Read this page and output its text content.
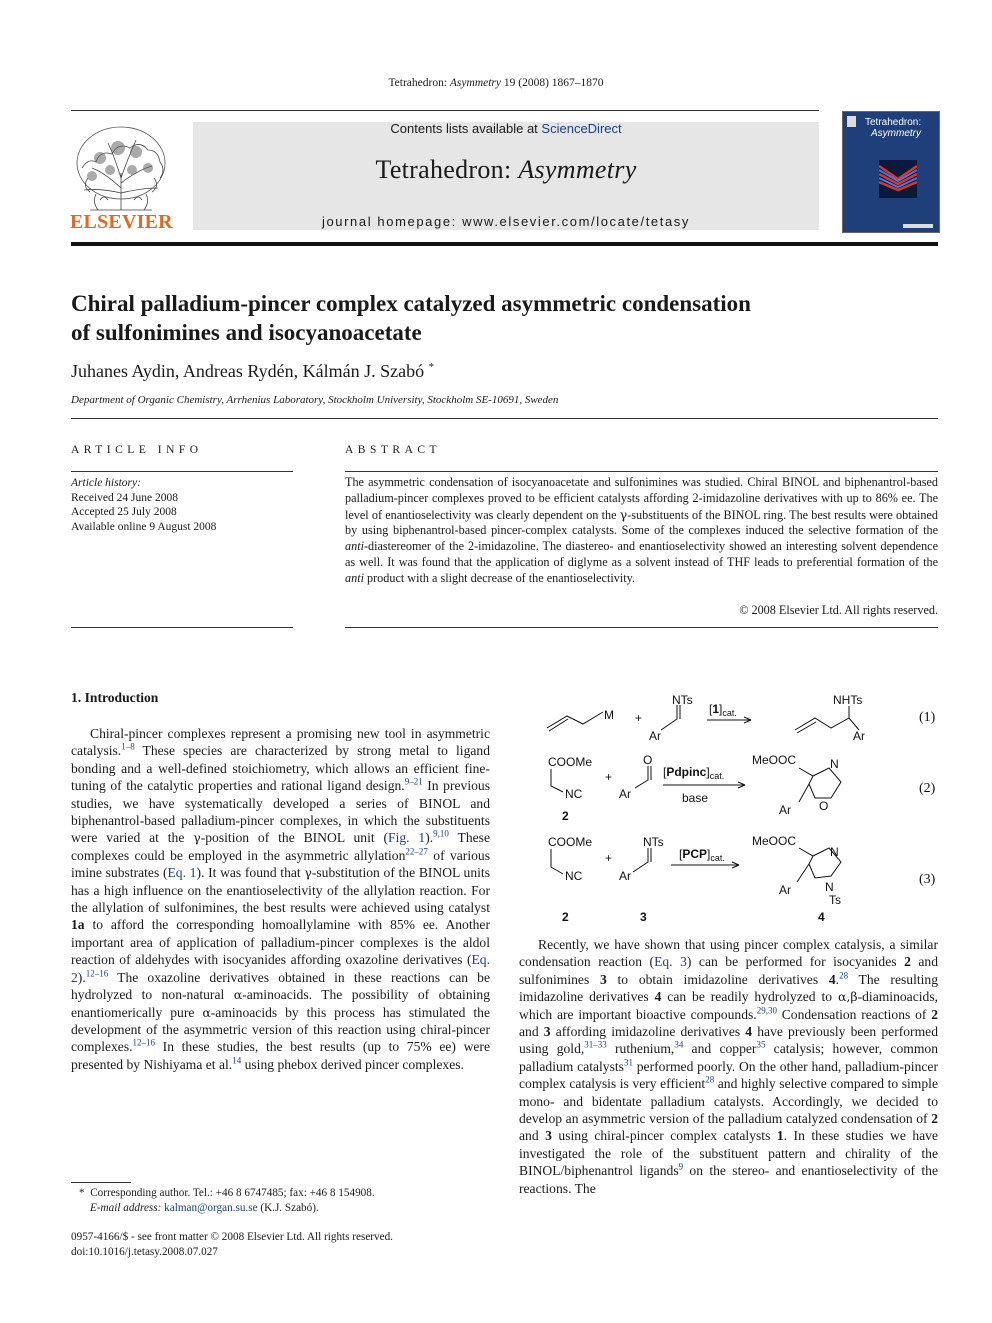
Tetrahedron: Asymmetry 19 (2008) 1867–1870
ELSEVIER
Contents lists available at ScienceDirect
Tetrahedron: Asymmetry
journal homepage: www.elsevier.com/locate/tetasy
Tetrahedron:
Asymmetry
Chiral palladium-pincer complex catalyzed asymmetric condensation
of sulfonimines and isocyanoacetate
Juhanes Aydin, Andreas Rydén, Kálmán J. Szabó *
Department of Organic Chemistry, Arrhenius Laboratory, Stockholm University, Stockholm SE-10691, Sweden
ARTICLE INFO
Article history:
Received 24 June 2008
Accepted 25 July 2008
Available online 9 August 2008
ABSTRACT
The asymmetric condensation of isocyanoacetate and sulfonimines was studied. Chiral BINOL and biphenantrol-based palladium-pincer complexes proved to be efficient catalysts affording 2-imidazoline derivatives with up to 86% ee. The level of enantioselectivity was clearly dependent on the γ-substituents of the BINOL ring. The best results were obtained by using biphenantrol-based pincer-complex catalysts. Some of the complexes induced the selective formation of the anti-diastereomer of the 2-imidazoline. The diastereo- and enantioselectivity showed an interesting solvent dependence as well. It was found that the application of diglyme as a solvent instead of THF leads to preferential formation of the anti product with a slight decrease of the enantioselectivity.
© 2008 Elsevier Ltd. All rights reserved.
1. Introduction

Chiral-pincer complexes represent a promising new tool in asymmetric catalysis.$^{1-8}$ These species are characterized by strong metal to ligand bonding and a well-defined stoichiometry, which allows an efficient fine-tuning of the catalytic properties and rational ligand design.$^{9-21}$ In previous studies, we have systematically developed a series of BINOL and biphenantrol-based palladium-pincer complexes, in which the substituents were varied at the γ-position of the BINOL unit (Fig. 1).$^{9,10}$ These complexes could be employed in the asymmetric allylation$^{22-27}$ of various imine substrates (Eq. 1). It was found that γ-substitution of the BINOL units has a high influence on the enantioselectivity of the allylation reaction. For the allylation of sulfonimines, the best results were achieved using catalyst 1a to afford the corresponding homoallylamine with 85% ee. Another important area of application of palladium-pincer complexes is the aldol reaction of aldehydes with isocyanides affording oxazoline derivatives (Eq. 2).$^{12-16}$ The oxazoline derivatives obtained in these reactions can be hydrolyzed to non-natural α-aminoacids. The possibility of obtaining enantiomerically pure α-aminoacids by this process has stimulated the development of the asymmetric version of this reaction using chiral-pincer complexes.$^{12-16}$ In these studies, the best results (up to 75% ee) were presented by Nishiyama et al.$^{14}$ using phebox derived pincer complexes.

M +
NTs
Ar
$[1]_{cat.}$
NHTs
Ar
(1)
COOMe
NC
2
+
O
Ar
$[Pdpinc]_{cat.}$
base
MeOOC	N
O
Ar
(2)
COOMe
NC
2
+
NTs
Ar
3
$[PCP]_{cat.}$
MeOOC
N
N
Ts
Ar
4
(3)

Recently, we have shown that using pincer complex catalysis, a similar condensation reaction (Eq. 3) can be performed for isocyanides 2 and sulfonimines 3 to obtain imidazoline derivatives 4.28 The resulting imidazoline derivatives 4 can be readily hydrolyzed to α,β-diaminoacids, which are important bioactive compounds.$^{29,30}$ Condensation reactions of 2 and 3 affording imidazoline derivatives 4 have previously been performed using gold,$^{31-33}$ ruthenium,$^{34}$ and copper$^{35}$ catalysis; however, common palladium catalysts$^{31}$ performed poorly. On the other hand, palladium-pincer complex catalysis is very efficient$^{28}$ and highly selective compared to simple mono- and bidentate palladium catalysts. Accordingly, we decided to develop an asymmetric version of the palladium catalyzed condensation of 2 and 3 using chiral-pincer complex catalysts 1. In these studies we have investigated the role of the substituent pattern and chirality of the BINOL/biphenantrol ligands$^9$ on the stereo- and enantioselectivity of the reactions. The

* Corresponding author. Tel.: +46 8 6747485; fax: +46 8 154908.
E-mail address: kalman@organ.su.se (K.J. Szabó).
0957-4166/$ - see front matter © 2008 Elsevier Ltd. All rights reserved.
doi:10.1016/j.tetasy.2008.07.027
